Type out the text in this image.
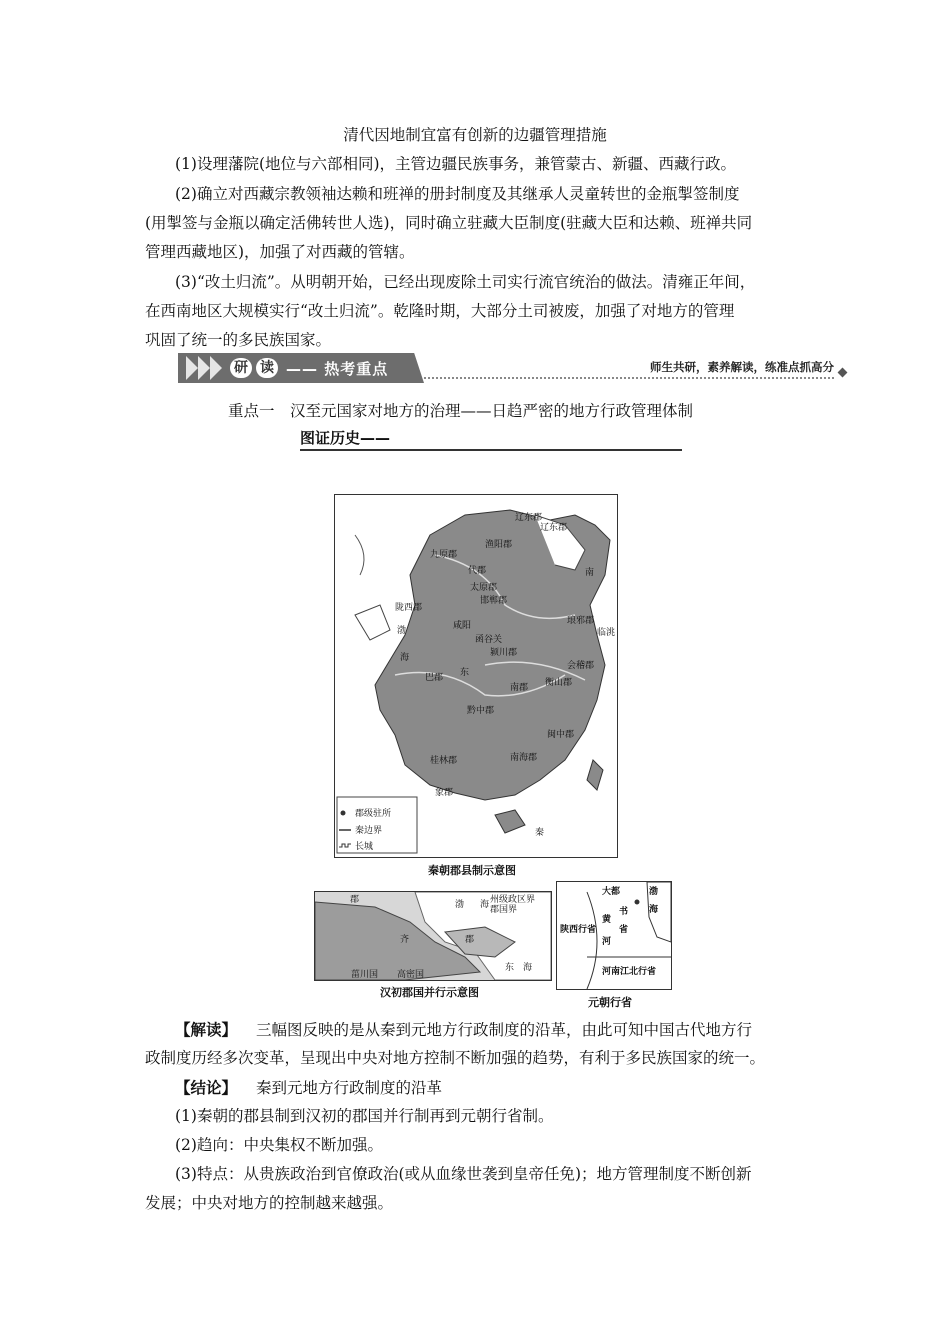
清代因地制宜富有创新的边疆管理措施
(1)设理藩院(地位与六部相同)，主管边疆民族事务，兼管蒙古、新疆、西藏行政。
(2)确立对西藏宗教领袖达赖和班禅的册封制度及其继承人灵童转世的金瓶掣签制度
(用掣签与金瓶以确定活佛转世人选)，同时确立驻藏大臣制度(驻藏大臣和达赖、班禅共同
管理西藏地区)，加强了对西藏的管辖。
(3)“改土归流”。从明朝开始，已经出现废除土司实行流官统治的做法。清雍正年间，
在西南地区大规模实行“改土归流”。乾隆时期，大部分土司被废，加强了对地方的管理
巩固了统一的多民族国家。
研 读 —— 热考重点	师生共研，素养解读，练准点抓高分
重点一　汉至元国家对地方的治理——日趋严密的地方行政管理体制
图证历史——
辽东郡
辽东郡
渔阳郡
九原郡
代郡
太原郡
邯郸郡
陇西郡
渤	咸阳
函谷关
颍川郡
琅邪郡
海
东
巴郡
南郡 衡山郡
会稽郡
黔中郡
闽中郡
桂林郡	南海郡
象郡
南
临洮
秦
郡级驻所
秦边界
长城
秦朝郡县制示意图
郡	渤 海
郡
齐
菑川国 高密国
东 海
州级政区界
郡国界
汉初郡国并行示意图
大都	渤
海
书
省
黄
河
陕西行省
河南江北行省
元朝行省
【解读】 三幅图反映的是从秦到元地方行政制度的沿革，由此可知中国古代地方行
政制度历经多次变革，呈现出中央对地方控制不断加强的趋势，有利于多民族国家的统一。
【结论】 秦到元地方行政制度的沿革
(1)秦朝的郡县制到汉初的郡国并行制再到元朝行省制。
(2)趋向：中央集权不断加强。
(3)特点：从贵族政治到官僚政治(或从血缘世袭到皇帝任免)；地方管理制度不断创新
发展；中央对地方的控制越来越强。
